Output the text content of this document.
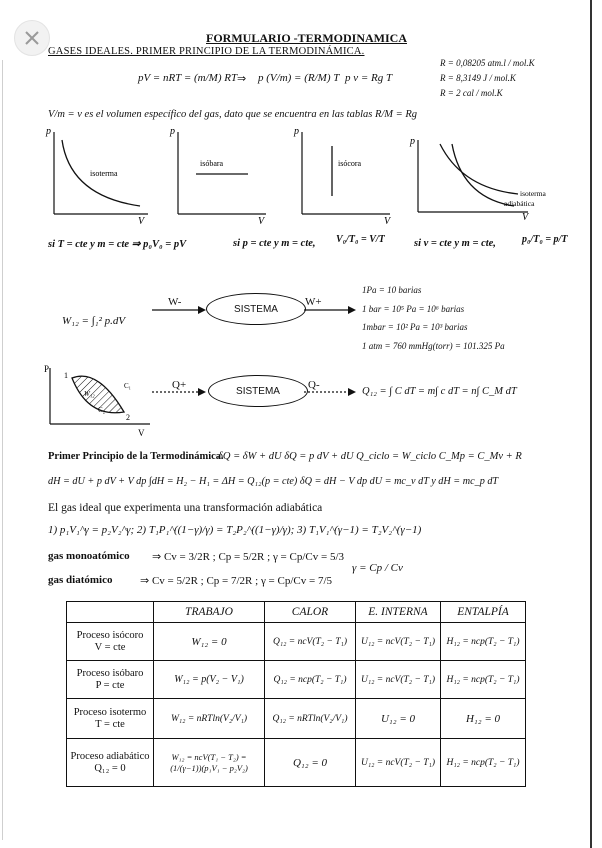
FORMULARIO -TERMODINAMICA
GASES IDEALES. PRIMER PRINCIPIO DE LA TERMODINÁMICA.
pV = nRT = (m/M) RT ⇒ p (V/m) = (R/M) T p v = Rg T
R = 0,08205 atm.l / mol.K
R = 8,3149 J / mol.K
R = 2 cal / mol.K
V/m = v es el volumen específico del gas, dato que se encuentra en las tablas R/M = Rg
p
isoterma
V
p
isóbara
V
p
isócora
V
p
isoterma
adiabática
V
si T = cte y m = cte ⇒ p₀V₀ = pV	si p = cte y m = cte, V₀/T₀ = V/T	si v = cte y m = cte,	p₀/T₀ = p/T
W₁₂ = ∫₁² p.dV
W-	W+
SISTEMA
1Pa = 10 barias
1 bar = 10⁵ Pa = 10⁶ barias
1mbar = 10² Pa = 10³ barias
1 atm = 760 mmHg(torr) = 101.325 Pa
P
1
2
C₁
C₂
W₁₂
V
Q+	Q-
SISTEMA	Q₁₂ = ∫ C dT = m∫ c dT = n∫ C_M dT
Primer Principio de la Termodinámica.
δQ = δW + dU δQ = p dV + dU Q_ciclo = W_ciclo C_Mp = C_Mv + R
dH = dU + p dV + V dp ∫dH = H₂ − H₁ = ΔH = Q₁₂(p = cte) δQ = dH − V dp dU = mc_v dT y dH = mc_p dT
El gas ideal que experimenta una transformación adiabática
1) p₁V₁^γ = p₂V₂^γ; 2) T₁P₁^((1−γ)/γ) = T₂P₂^((1−γ)/γ); 3) T₁V₁^(γ−1) = T₂V₂^(γ−1)
gas monoatómico ⇒ Cv = 3/2R ; Cp = 5/2R ; γ = Cp/Cv = 5/3
gas diatómico	⇒ Cv = 5/2R ; Cp = 7/2R ; γ = Cp/Cv = 7/5
γ = Cp / Cv
	TRABAJO	CALOR	E. INTERNA	ENTALPÍA
Proceso isócoro
V = cte	W₁₂ = 0	Q₁₂ = ncV(T₂ − T₁)	U₁₂ = ncV(T₂ − T₁)	H₁₂ = ncp(T₂ − T₁)
Proceso isóbaro
P = cte	W₁₂ = p(V₂ − V₁)	Q₁₂ = ncp(T₂ − T₁)	U₁₂ = ncV(T₂ − T₁)	H₁₂ = ncp(T₂ − T₁)
Proceso isotermo
T = cte	W₁₂ = nRTln(V₂/V₁)	Q₁₂ = nRTln(V₂/V₁)	U₁₂ = 0	H₁₂ = 0
Proceso adiabático
Q₁₂ = 0	W₁₂ = ncV(T₁ − T₂) = (1/(γ−1))(p₁V₁ − p₂V₂)	Q₁₂ = 0	U₁₂ = ncV(T₂ − T₁)	H₁₂ = ncp(T₂ − T₁)
